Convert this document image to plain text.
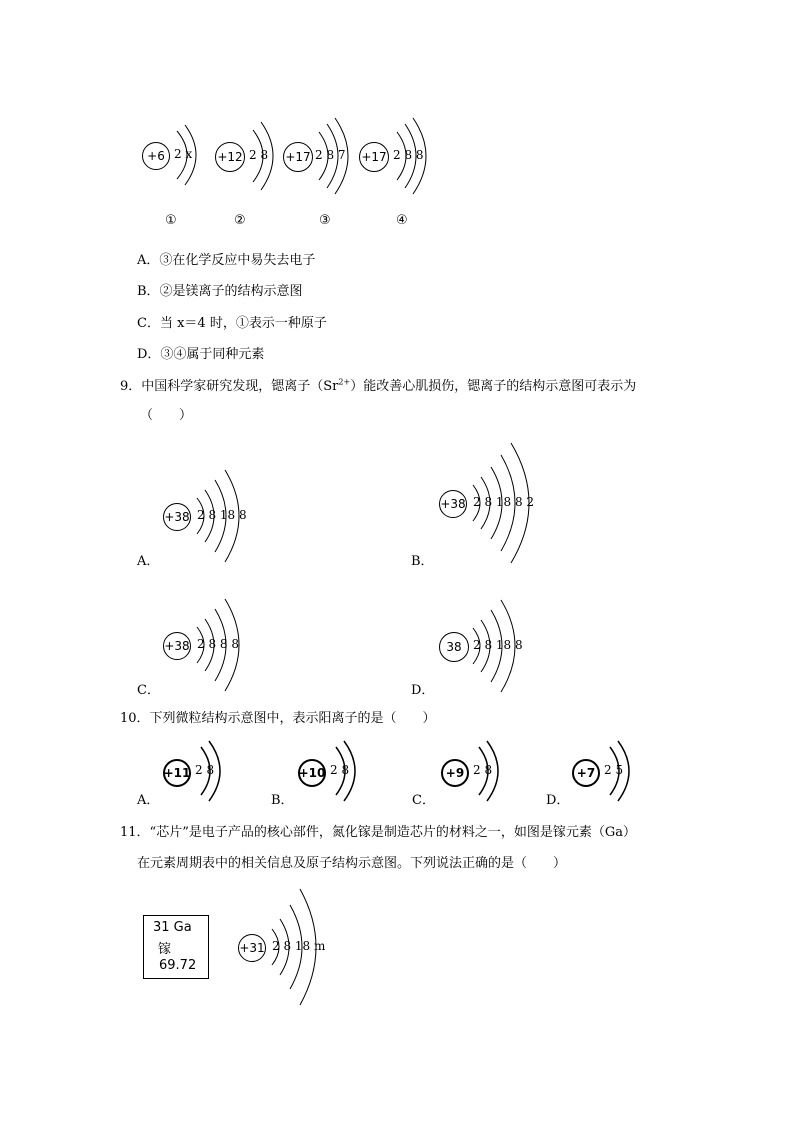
+6 2 x +12 2 8 +17 2 8 7 +17 2 8 8
①	②	③	④
A．③在化学反应中易失去电子
B．②是镁离子的结构示意图
C．当 x＝4 时，①表示一种原子
D．③④属于同种元素
9．中国科学家研究发现，锶离子$(Sr^{2+})$能改善心肌损伤，锶离子的结构示意图可表示为
（　　）
+38 2 8 18 8
A．
+38 2 8 18 8 2
B．
+38 2 8 8 8
C．
38 2 8 18 8
D．
10．下列微粒结构示意图中，表示阳离子的是（　　）
+11 2 8
A．
+10 2 8
B．
+9 2 8
C．
+7 2 5
D．
11．“芯片”是电子产品的核心部件，氮化镓是制造芯片的材料之一，如图是镓元素（Ga）
在元素周期表中的相关信息及原子结构示意图。下列说法正确的是（　　）
31 Ga
镓
69.72
+31 2 8 18 m
